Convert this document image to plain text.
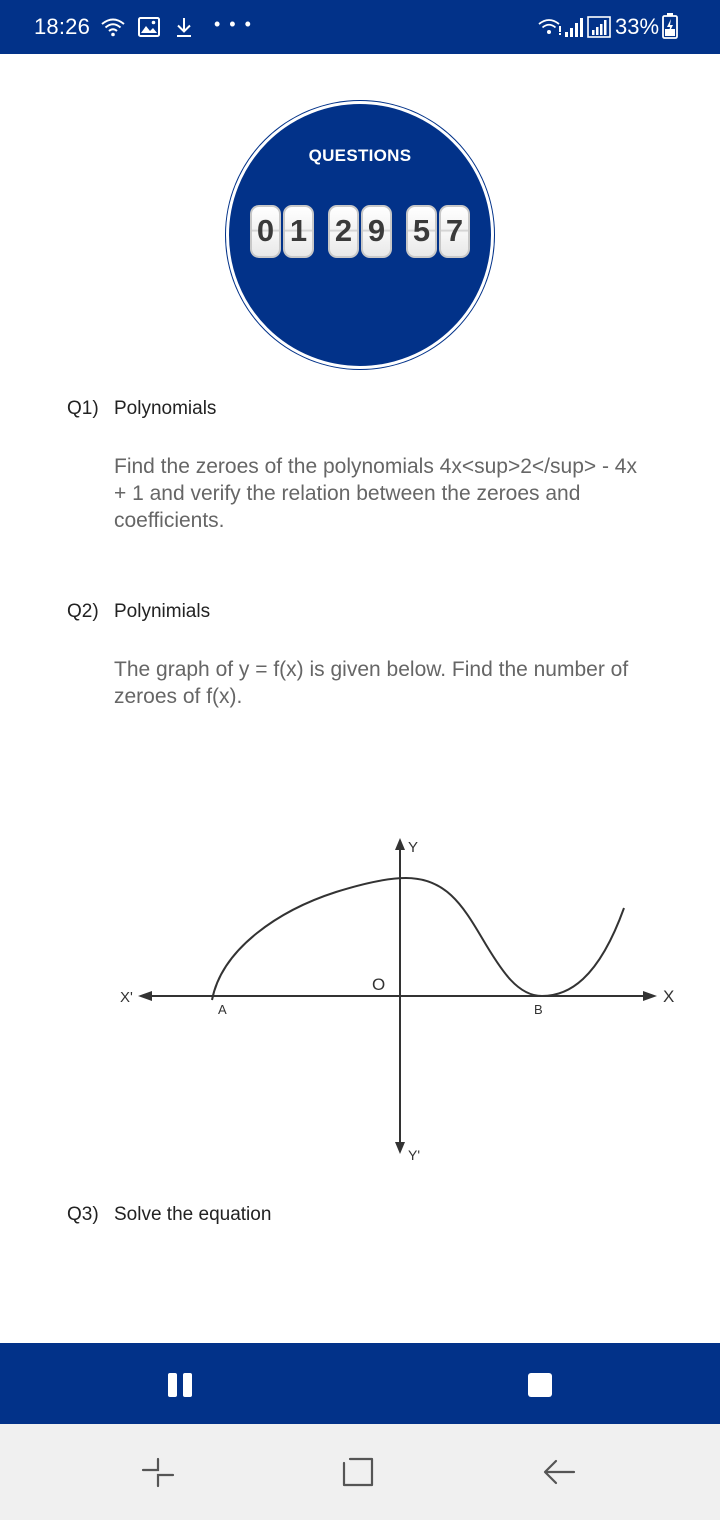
18:26	• • •	33%
QUESTIONS
0 1 2 9 5 7
Q1) Polynomials
Find the zeroes of the polynomials 4x<sup>2</sup> - 4x + 1 and verify the relation between the zeroes and coefficients.
Q2) Polynimials
The graph of y = f(x) is given below. Find the number of zeroes of f(x).
Y
Y'
X
X'
O
A	B
Q3) Solve the equation
